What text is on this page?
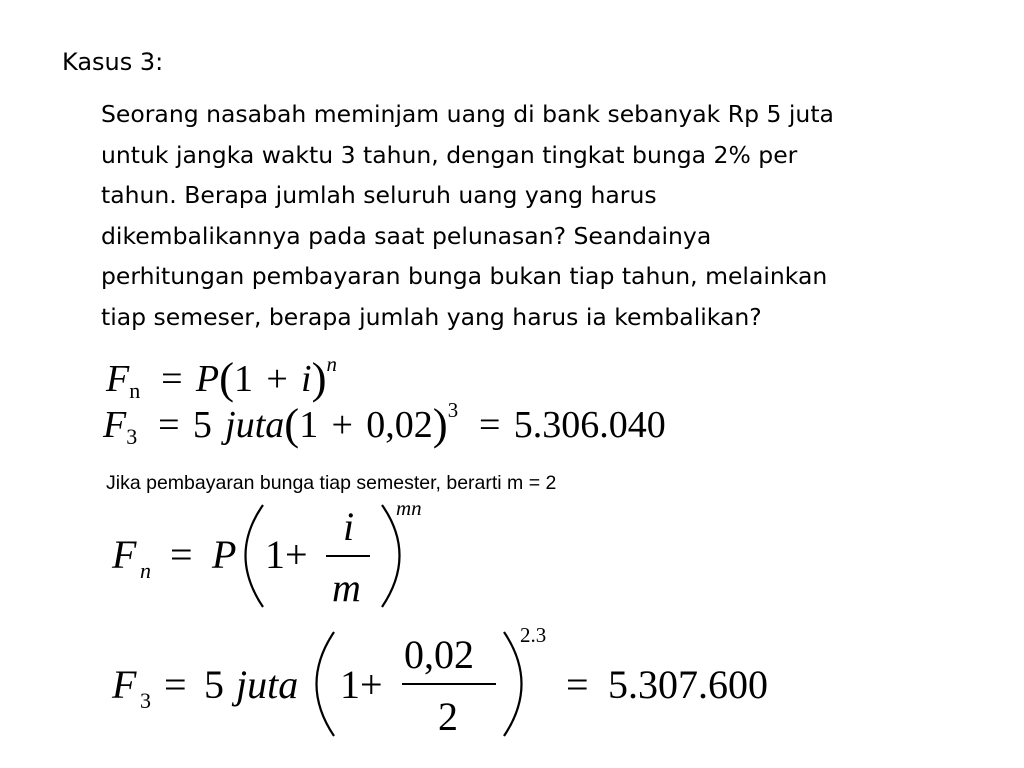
Kasus 3:
Seorang nasabah meminjam uang di bank sebanyak Rp 5 juta
untuk jangka waktu 3 tahun, dengan tingkat bunga 2% per
tahun. Berapa jumlah seluruh uang yang harus
dikembalikannya pada saat pelunasan? Seandainya
perhitungan pembayaran bunga bukan tiap tahun, melainkan
tiap semeser, berapa jumlah yang harus ia kembalikan?
$Fn = P(1 + i)^n$
F3 = 5 juta(1 + 0,02)$^3$ = 5.306.040
Jika pembayaran bunga tiap semester, berarti m = 2
F n = P 1+
i
m
mn
F 3 = 5 juta 1+
0,02
2
2.3
= 5.307.600
